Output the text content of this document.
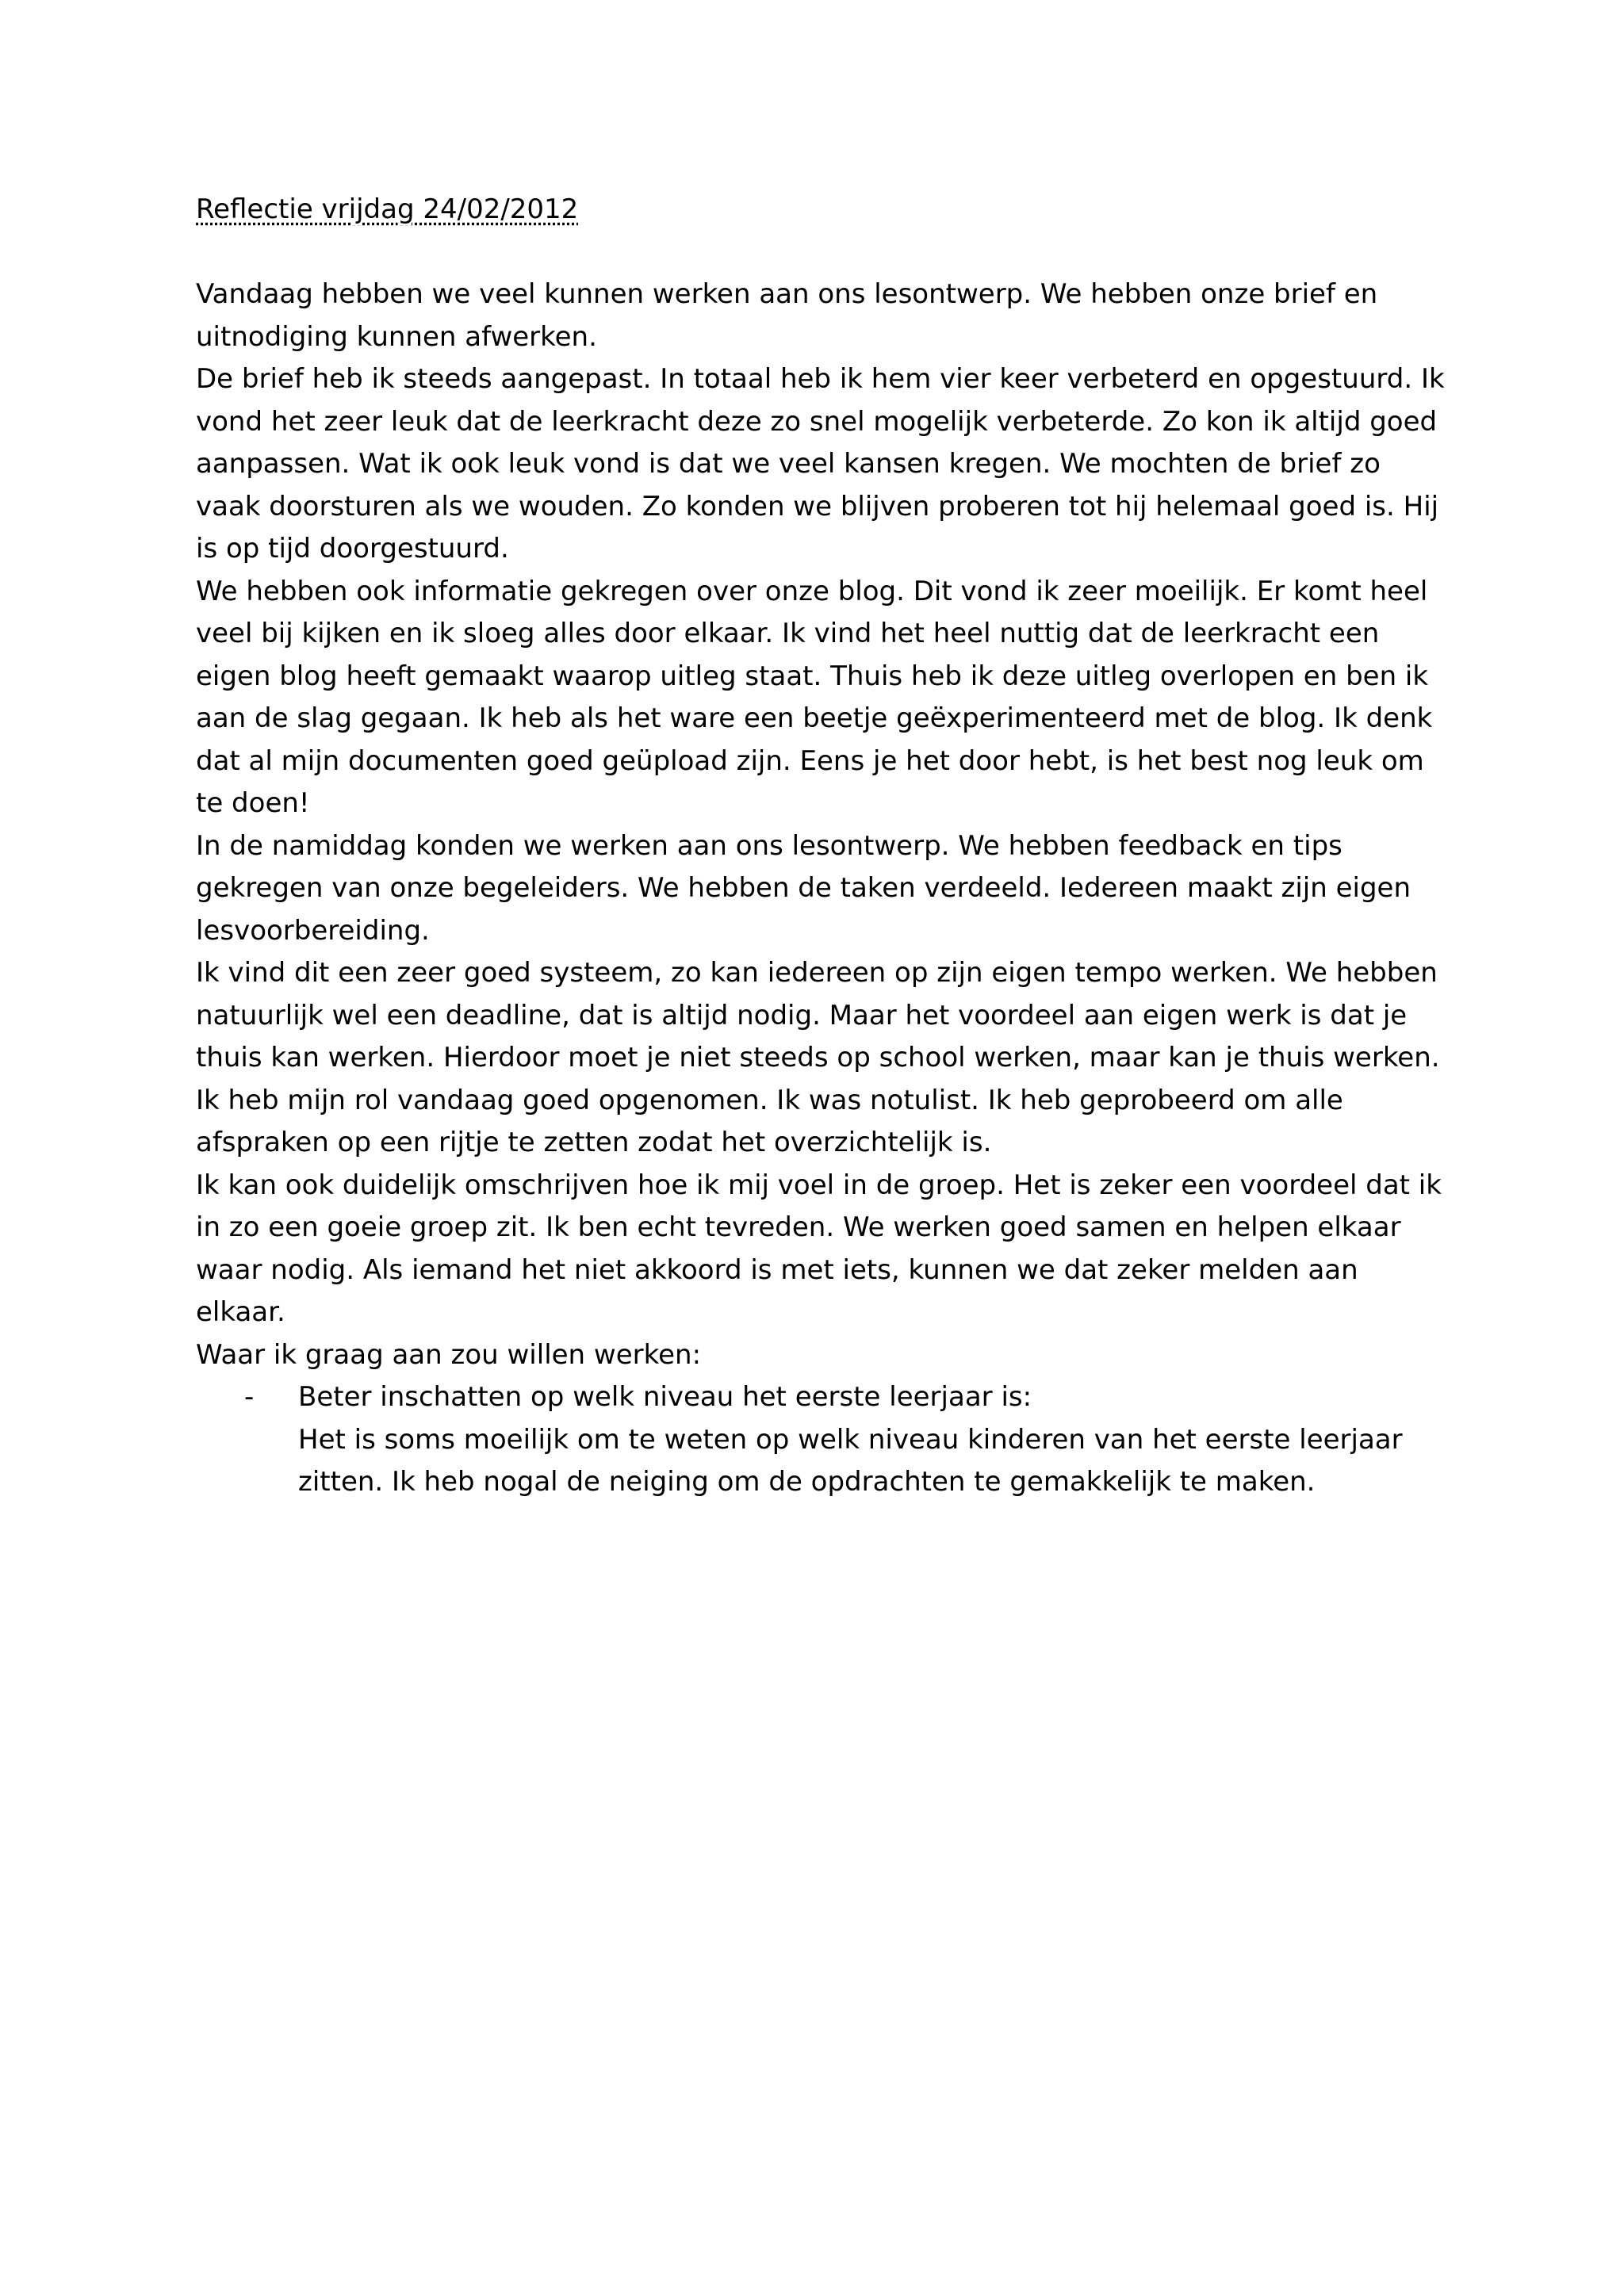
Reflectie vrijdag 24/02/2012

Vandaag hebben we veel kunnen werken aan ons lesontwerp. We hebben onze brief en uitnodiging kunnen afwerken.

De brief heb ik steeds aangepast. In totaal heb ik hem vier keer verbeterd en opgestuurd. Ik vond het zeer leuk dat de leerkracht deze zo snel mogelijk verbeterde. Zo kon ik altijd goed aanpassen. Wat ik ook leuk vond is dat we veel kansen kregen. We mochten de brief zo vaak doorsturen als we wouden. Zo konden we blijven proberen tot hij helemaal goed is. Hij is op tijd doorgestuurd.

We hebben ook informatie gekregen over onze blog. Dit vond ik zeer moeilijk. Er komt heel veel bij kijken en ik sloeg alles door elkaar. Ik vind het heel nuttig dat de leerkracht een eigen blog heeft gemaakt waarop uitleg staat. Thuis heb ik deze uitleg overlopen en ben ik aan de slag gegaan. Ik heb als het ware een beetje geëxperimenteerd met de blog. Ik denk dat al mijn documenten goed geüpload zijn. Eens je het door hebt, is het best nog leuk om te doen!

In de namiddag konden we werken aan ons lesontwerp. We hebben feedback en tips gekregen van onze begeleiders. We hebben de taken verdeeld. Iedereen maakt zijn eigen lesvoorbereiding.

Ik vind dit een zeer goed systeem, zo kan iedereen op zijn eigen tempo werken. We hebben natuurlijk wel een deadline, dat is altijd nodig. Maar het voordeel aan eigen werk is dat je thuis kan werken. Hierdoor moet je niet steeds op school werken, maar kan je thuis werken.

Ik heb mijn rol vandaag goed opgenomen. Ik was notulist. Ik heb geprobeerd om alle afspraken op een rijtje te zetten zodat het overzichtelijk is.

Ik kan ook duidelijk omschrijven hoe ik mij voel in de groep. Het is zeker een voordeel dat ik in zo een goeie groep zit. Ik ben echt tevreden. We werken goed samen en helpen elkaar waar nodig. Als iemand het niet akkoord is met iets, kunnen we dat zeker melden aan elkaar.

Waar ik graag aan zou willen werken:

-	Beter inschatten op welk niveau het eerste leerjaar is:
Het is soms moeilijk om te weten op welk niveau kinderen van het eerste leerjaar zitten. Ik heb nogal de neiging om de opdrachten te gemakkelijk te maken.
